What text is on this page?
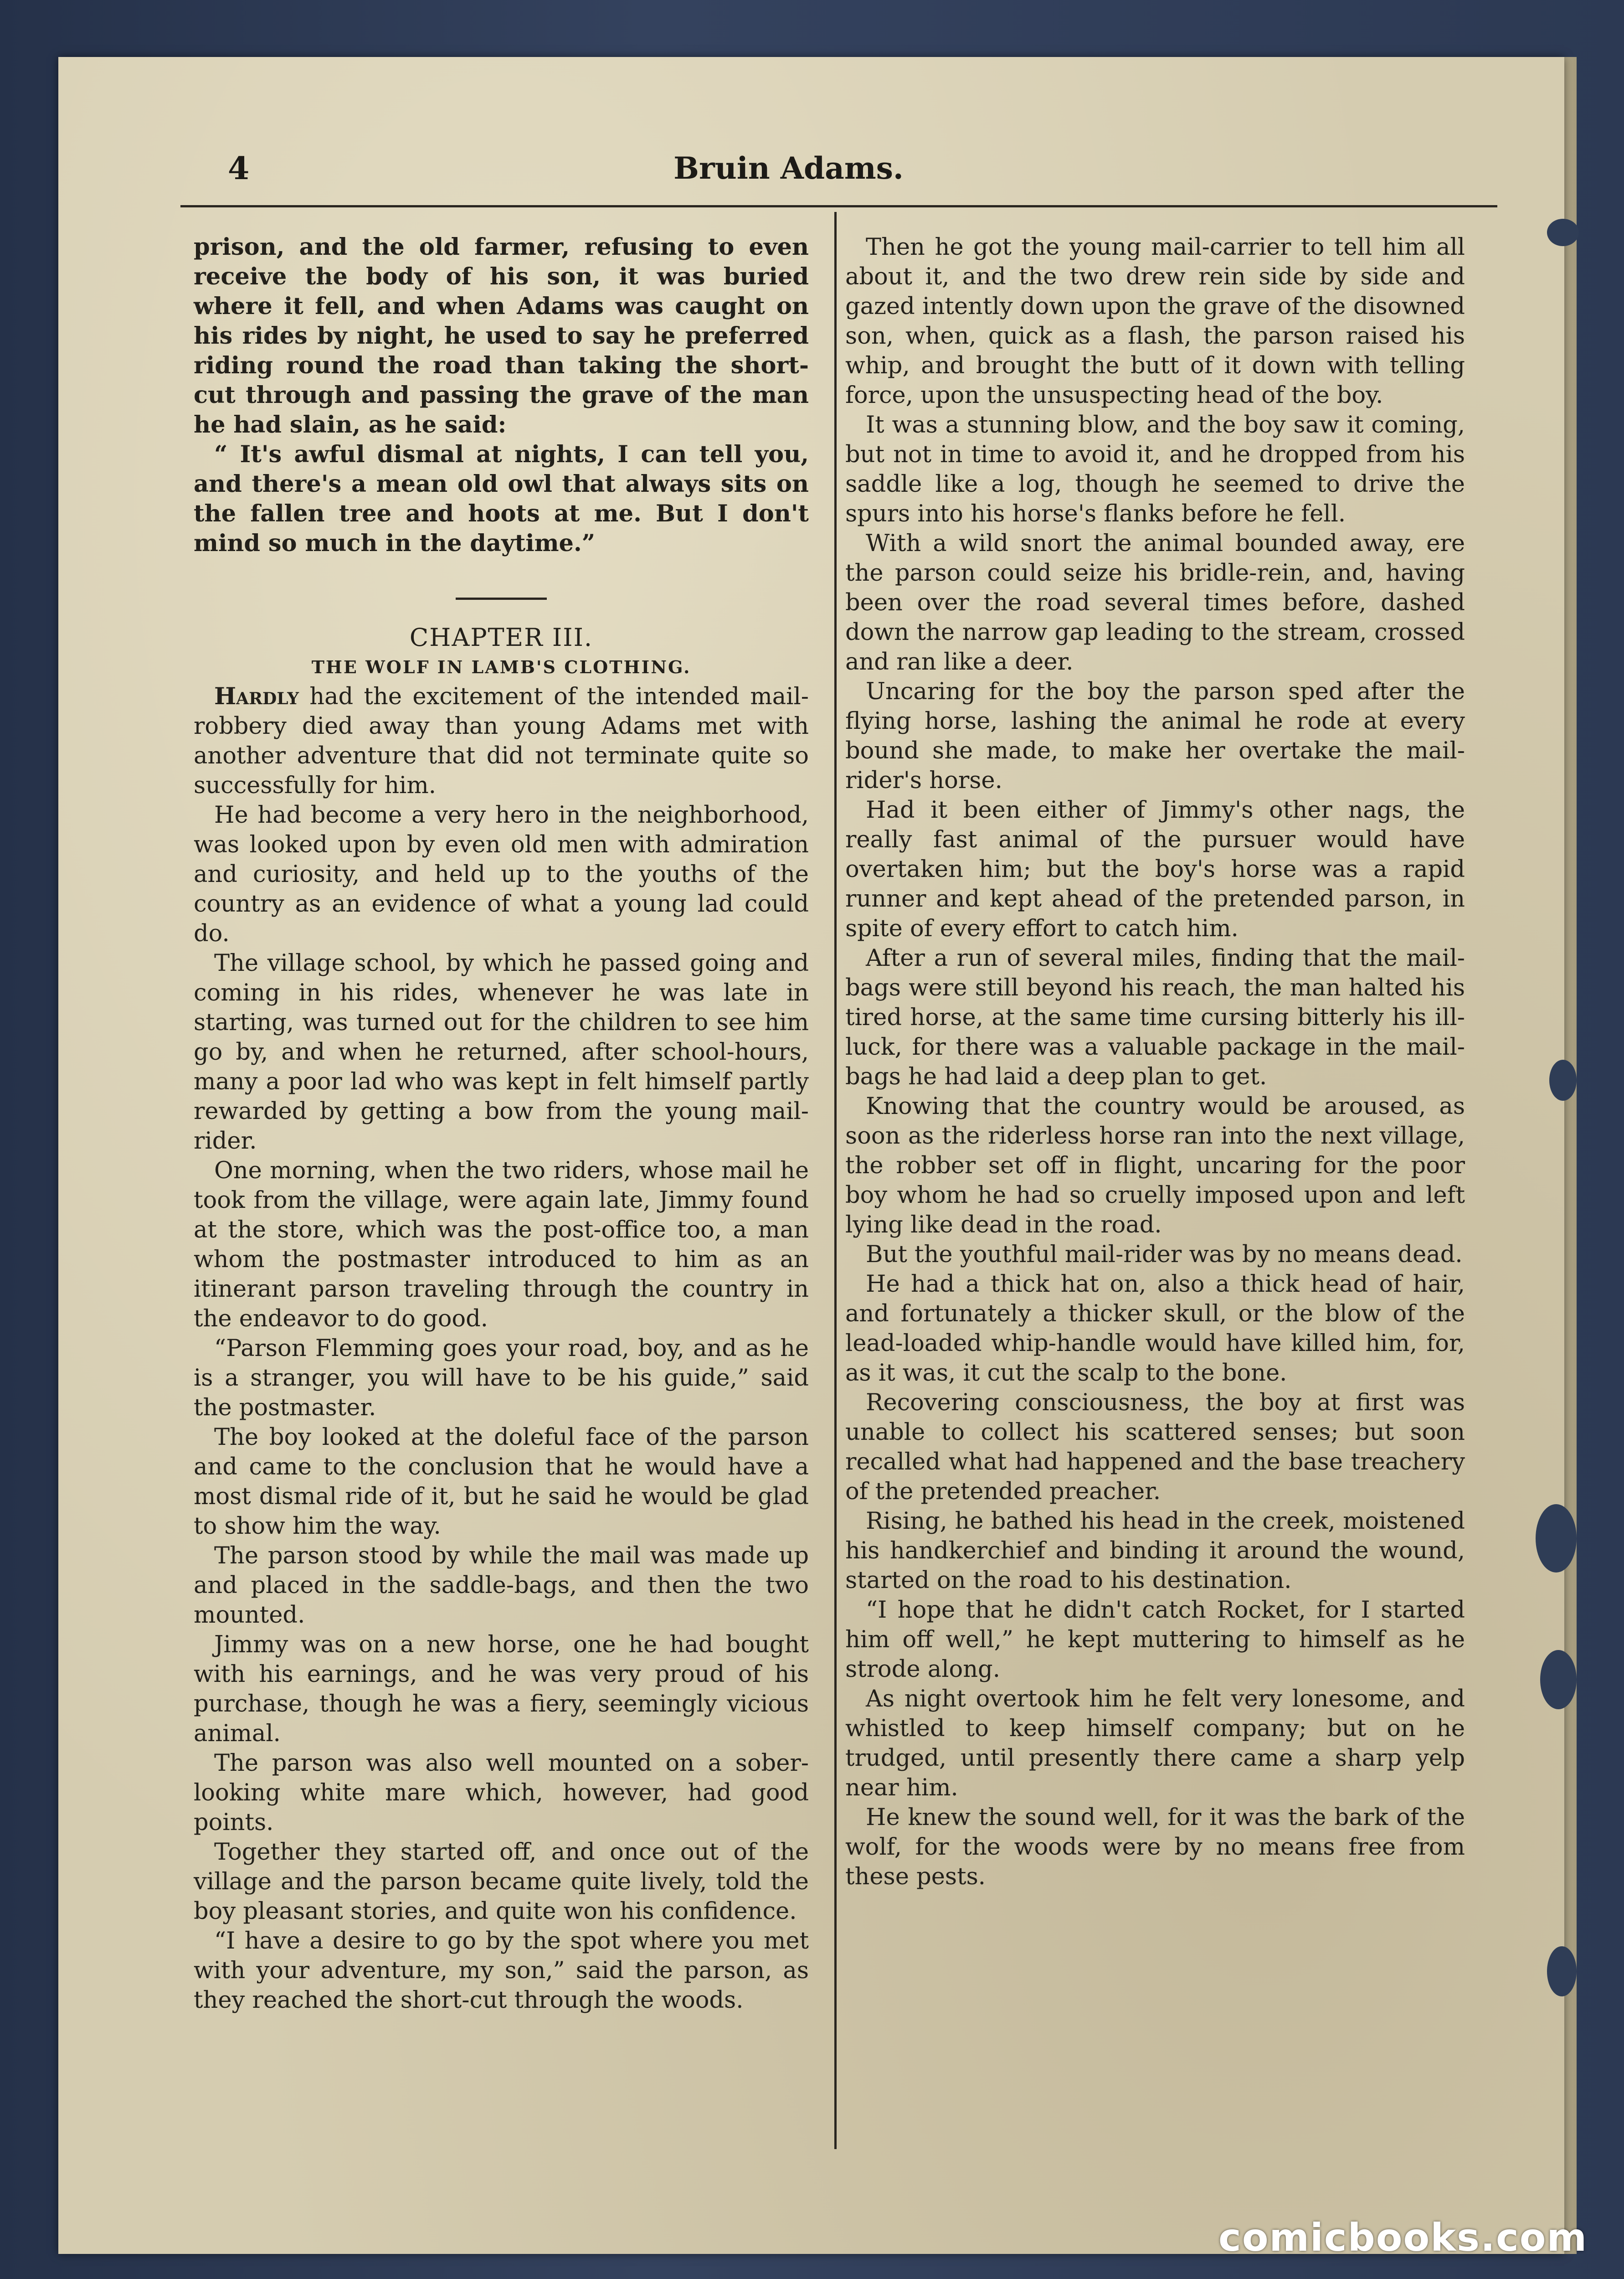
4	Bruin Adams.

prison, and the old farmer, refusing to even receive the body of his son, it was buried where it fell, and when Adams was caught on his rides by night, he used to say he preferred riding round the road than taking the short-cut through and passing the grave of the man he had slain, as he said:

“ It's awful dismal at nights, I can tell you, and there's a mean old owl that always sits on the fallen tree and hoots at me. But I don't mind so much in the daytime.”

CHAPTER III.

THE WOLF IN LAMB'S CLOTHING.

Hardly had the excitement of the intended mail-robbery died away than young Adams met with another adventure that did not terminate quite so successfully for him.

He had become a very hero in the neighborhood, was looked upon by even old men with admiration and curiosity, and held up to the youths of the country as an evidence of what a young lad could do.

The village school, by which he passed going and coming in his rides, whenever he was late in starting, was turned out for the children to see him go by, and when he returned, after school-hours, many a poor lad who was kept in felt himself partly rewarded by getting a bow from the young mail-rider.

One morning, when the two riders, whose mail he took from the village, were again late, Jimmy found at the store, which was the post-office too, a man whom the postmaster introduced to him as an itinerant parson traveling through the country in the endeavor to do good.

“Parson Flemming goes your road, boy, and as he is a stranger, you will have to be his guide,” said the postmaster.

The boy looked at the doleful face of the parson and came to the conclusion that he would have a most dismal ride of it, but he said he would be glad to show him the way.

The parson stood by while the mail was made up and placed in the saddle-bags, and then the two mounted.

Jimmy was on a new horse, one he had bought with his earnings, and he was very proud of his purchase, though he was a fiery, seemingly vicious animal.

The parson was also well mounted on a sober-looking white mare which, however, had good points.

Together they started off, and once out of the village and the parson became quite lively, told the boy pleasant stories, and quite won his confidence.

“I have a desire to go by the spot where you met with your adventure, my son,” said the parson, as they reached the short-cut through the woods.

Then he got the young mail-carrier to tell him all about it, and the two drew rein side by side and gazed intently down upon the grave of the disowned son, when, quick as a flash, the parson raised his whip, and brought the butt of it down with telling force, upon the unsuspecting head of the boy.

It was a stunning blow, and the boy saw it coming, but not in time to avoid it, and he dropped from his saddle like a log, though he seemed to drive the spurs into his horse's flanks before he fell.

With a wild snort the animal bounded away, ere the parson could seize his bridle-rein, and, having been over the road several times before, dashed down the narrow gap leading to the stream, crossed and ran like a deer.

Uncaring for the boy the parson sped after the flying horse, lashing the animal he rode at every bound she made, to make her overtake the mail-rider's horse.

Had it been either of Jimmy's other nags, the really fast animal of the pursuer would have overtaken him; but the boy's horse was a rapid runner and kept ahead of the pretended parson, in spite of every effort to catch him.

After a run of several miles, finding that the mail-bags were still beyond his reach, the man halted his tired horse, at the same time cursing bitterly his ill-luck, for there was a valuable package in the mail-bags he had laid a deep plan to get.

Knowing that the country would be aroused, as soon as the riderless horse ran into the next village, the robber set off in flight, uncaring for the poor boy whom he had so cruelly imposed upon and left lying like dead in the road.

But the youthful mail-rider was by no means dead.

He had a thick hat on, also a thick head of hair, and fortunately a thicker skull, or the blow of the lead-loaded whip-handle would have killed him, for, as it was, it cut the scalp to the bone.

Recovering consciousness, the boy at first was unable to collect his scattered senses; but soon recalled what had happened and the base treachery of the pretended preacher.

Rising, he bathed his head in the creek, moistened his handkerchief and binding it around the wound, started on the road to his destination.

“I hope that he didn't catch Rocket, for I started him off well,” he kept muttering to himself as he strode along.

As night overtook him he felt very lonesome, and whistled to keep himself company; but on he trudged, until presently there came a sharp yelp near him.

He knew the sound well, for it was the bark of the wolf, for the woods were by no means free from these pests.

comicbooks.com
